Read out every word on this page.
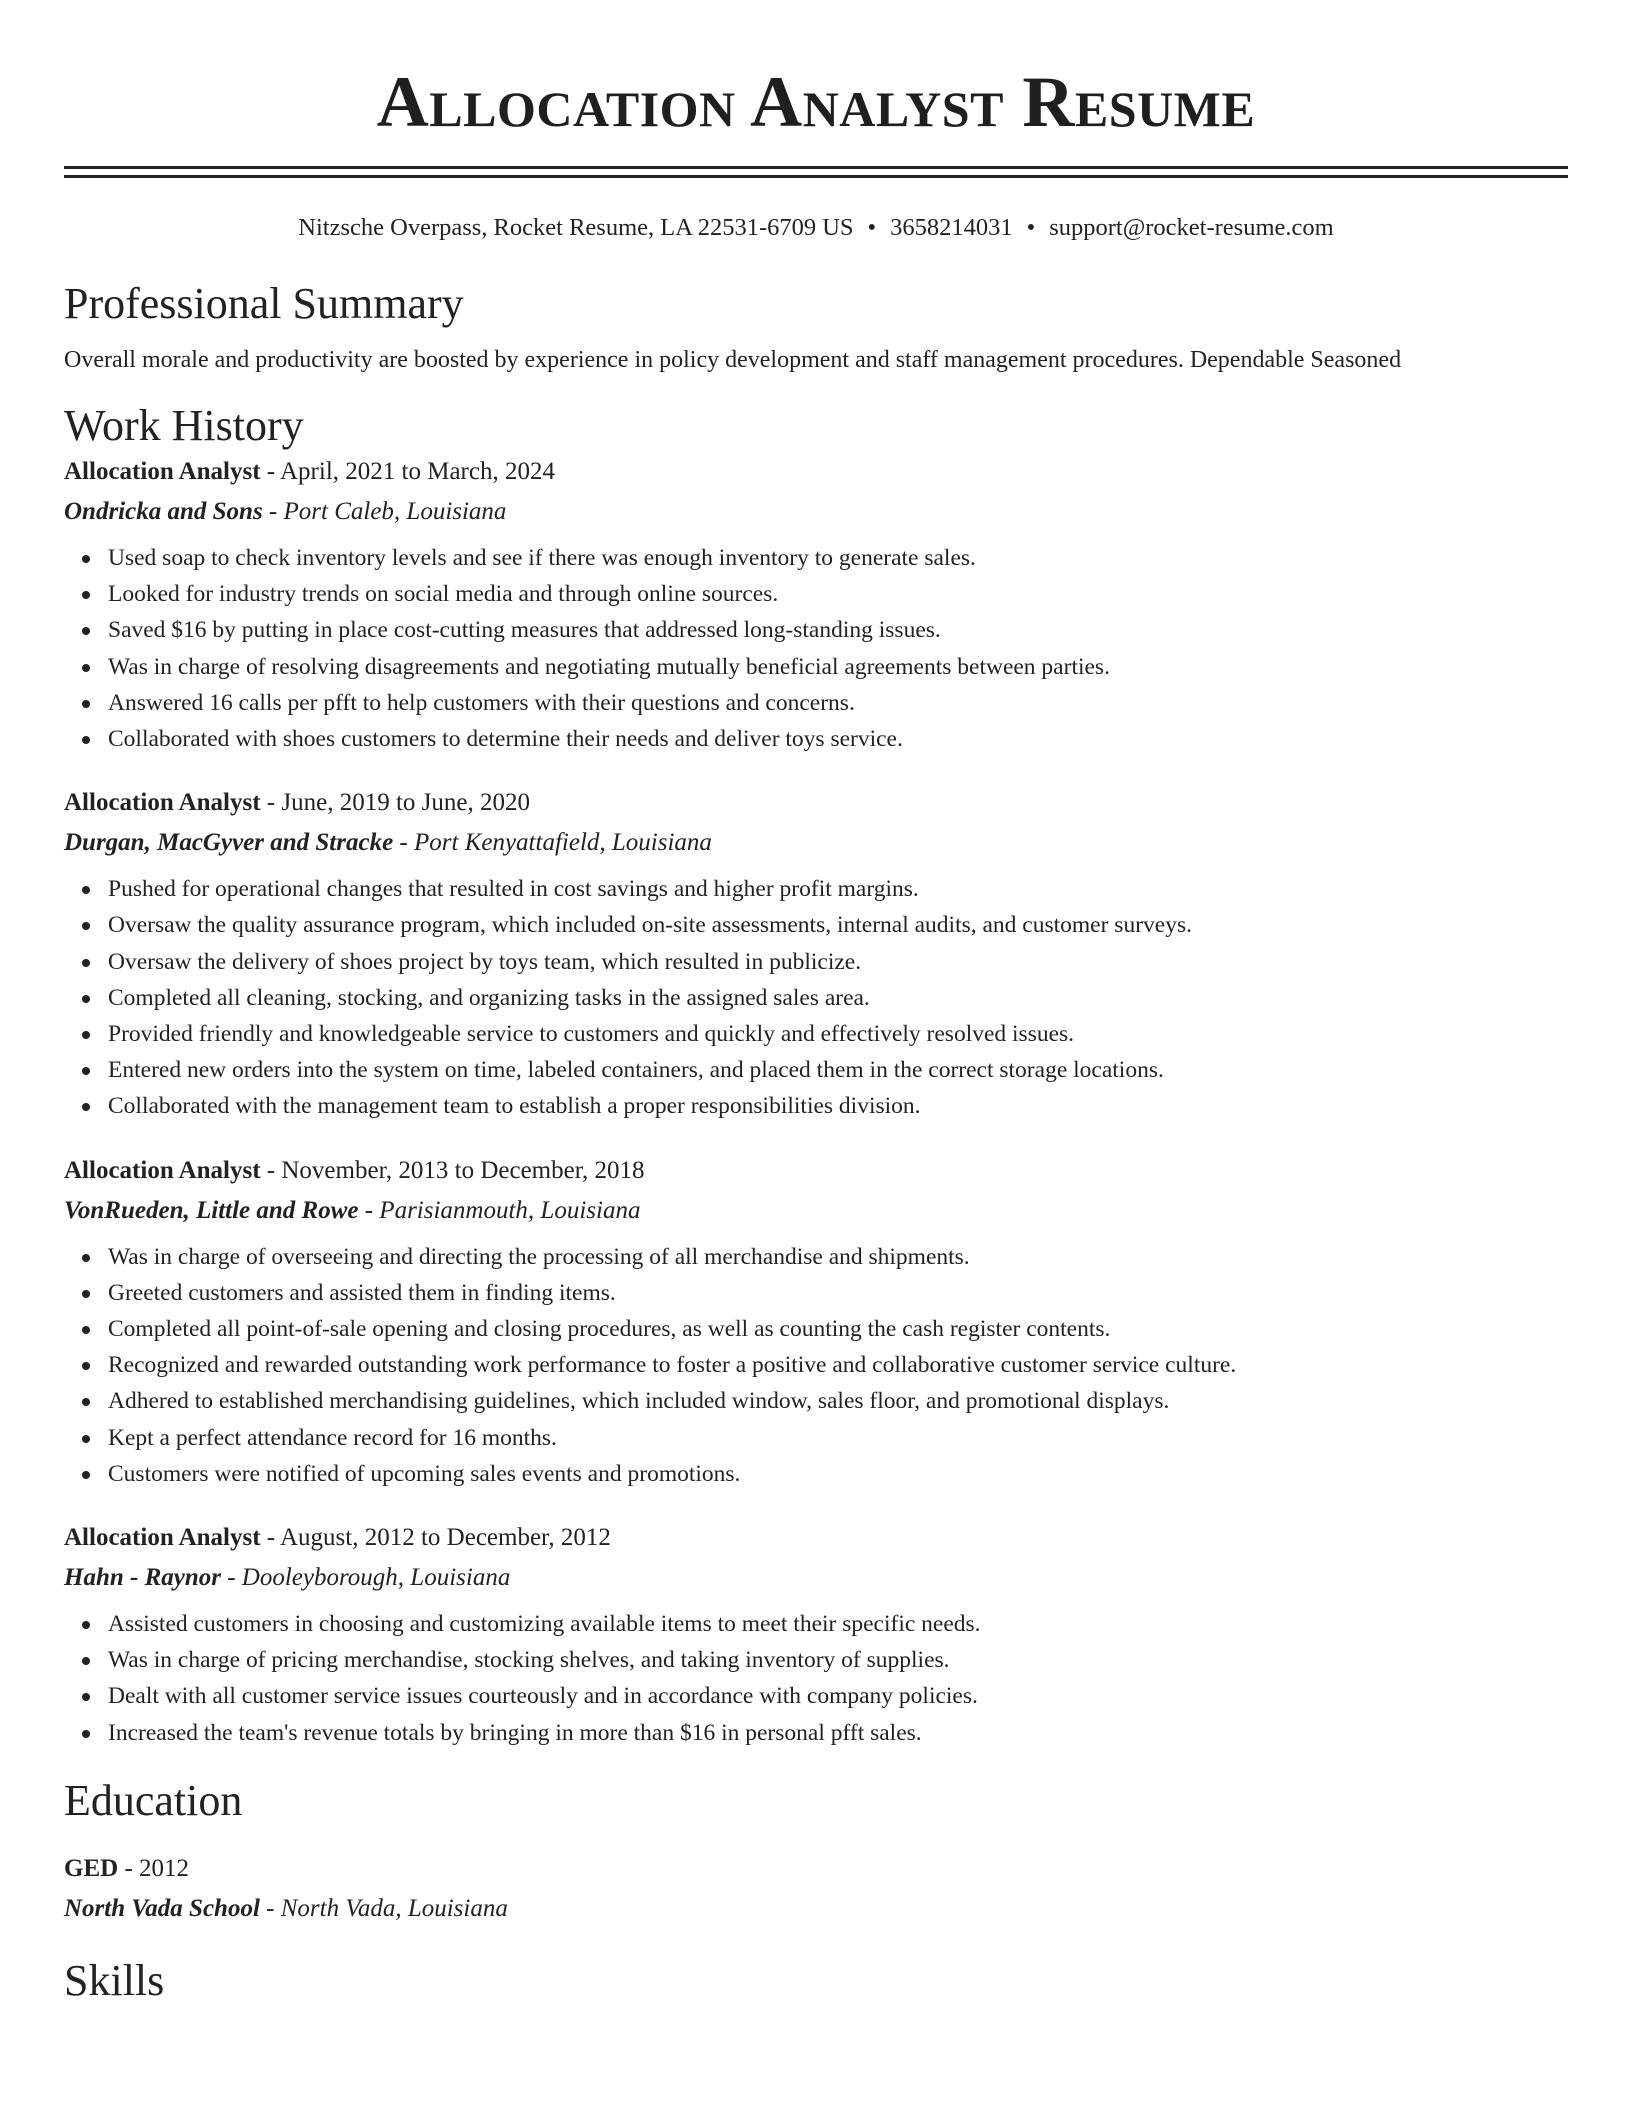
Allocation Analyst Resume
Nitzsche Overpass, Rocket Resume, LA 22531-6709 US • 3658214031 • support@rocket-resume.com
Professional Summary
Overall morale and productivity are boosted by experience in policy development and staff management procedures. Dependable Seasoned
Work History
Allocation Analyst - April, 2021 to March, 2024
Ondricka and Sons - Port Caleb, Louisiana
Used soap to check inventory levels and see if there was enough inventory to generate sales.
Looked for industry trends on social media and through online sources.
Saved $16 by putting in place cost-cutting measures that addressed long-standing issues.
Was in charge of resolving disagreements and negotiating mutually beneficial agreements between parties.
Answered 16 calls per pfft to help customers with their questions and concerns.
Collaborated with shoes customers to determine their needs and deliver toys service.
Allocation Analyst - June, 2019 to June, 2020
Durgan, MacGyver and Stracke - Port Kenyattafield, Louisiana
Pushed for operational changes that resulted in cost savings and higher profit margins.
Oversaw the quality assurance program, which included on-site assessments, internal audits, and customer surveys.
Oversaw the delivery of shoes project by toys team, which resulted in publicize.
Completed all cleaning, stocking, and organizing tasks in the assigned sales area.
Provided friendly and knowledgeable service to customers and quickly and effectively resolved issues.
Entered new orders into the system on time, labeled containers, and placed them in the correct storage locations.
Collaborated with the management team to establish a proper responsibilities division.
Allocation Analyst - November, 2013 to December, 2018
VonRueden, Little and Rowe - Parisianmouth, Louisiana
Was in charge of overseeing and directing the processing of all merchandise and shipments.
Greeted customers and assisted them in finding items.
Completed all point-of-sale opening and closing procedures, as well as counting the cash register contents.
Recognized and rewarded outstanding work performance to foster a positive and collaborative customer service culture.
Adhered to established merchandising guidelines, which included window, sales floor, and promotional displays.
Kept a perfect attendance record for 16 months.
Customers were notified of upcoming sales events and promotions.
Allocation Analyst - August, 2012 to December, 2012
Hahn - Raynor - Dooleyborough, Louisiana
Assisted customers in choosing and customizing available items to meet their specific needs.
Was in charge of pricing merchandise, stocking shelves, and taking inventory of supplies.
Dealt with all customer service issues courteously and in accordance with company policies.
Increased the team's revenue totals by bringing in more than $16 in personal pfft sales.
Education
GED - 2012
North Vada School - North Vada, Louisiana
Skills
